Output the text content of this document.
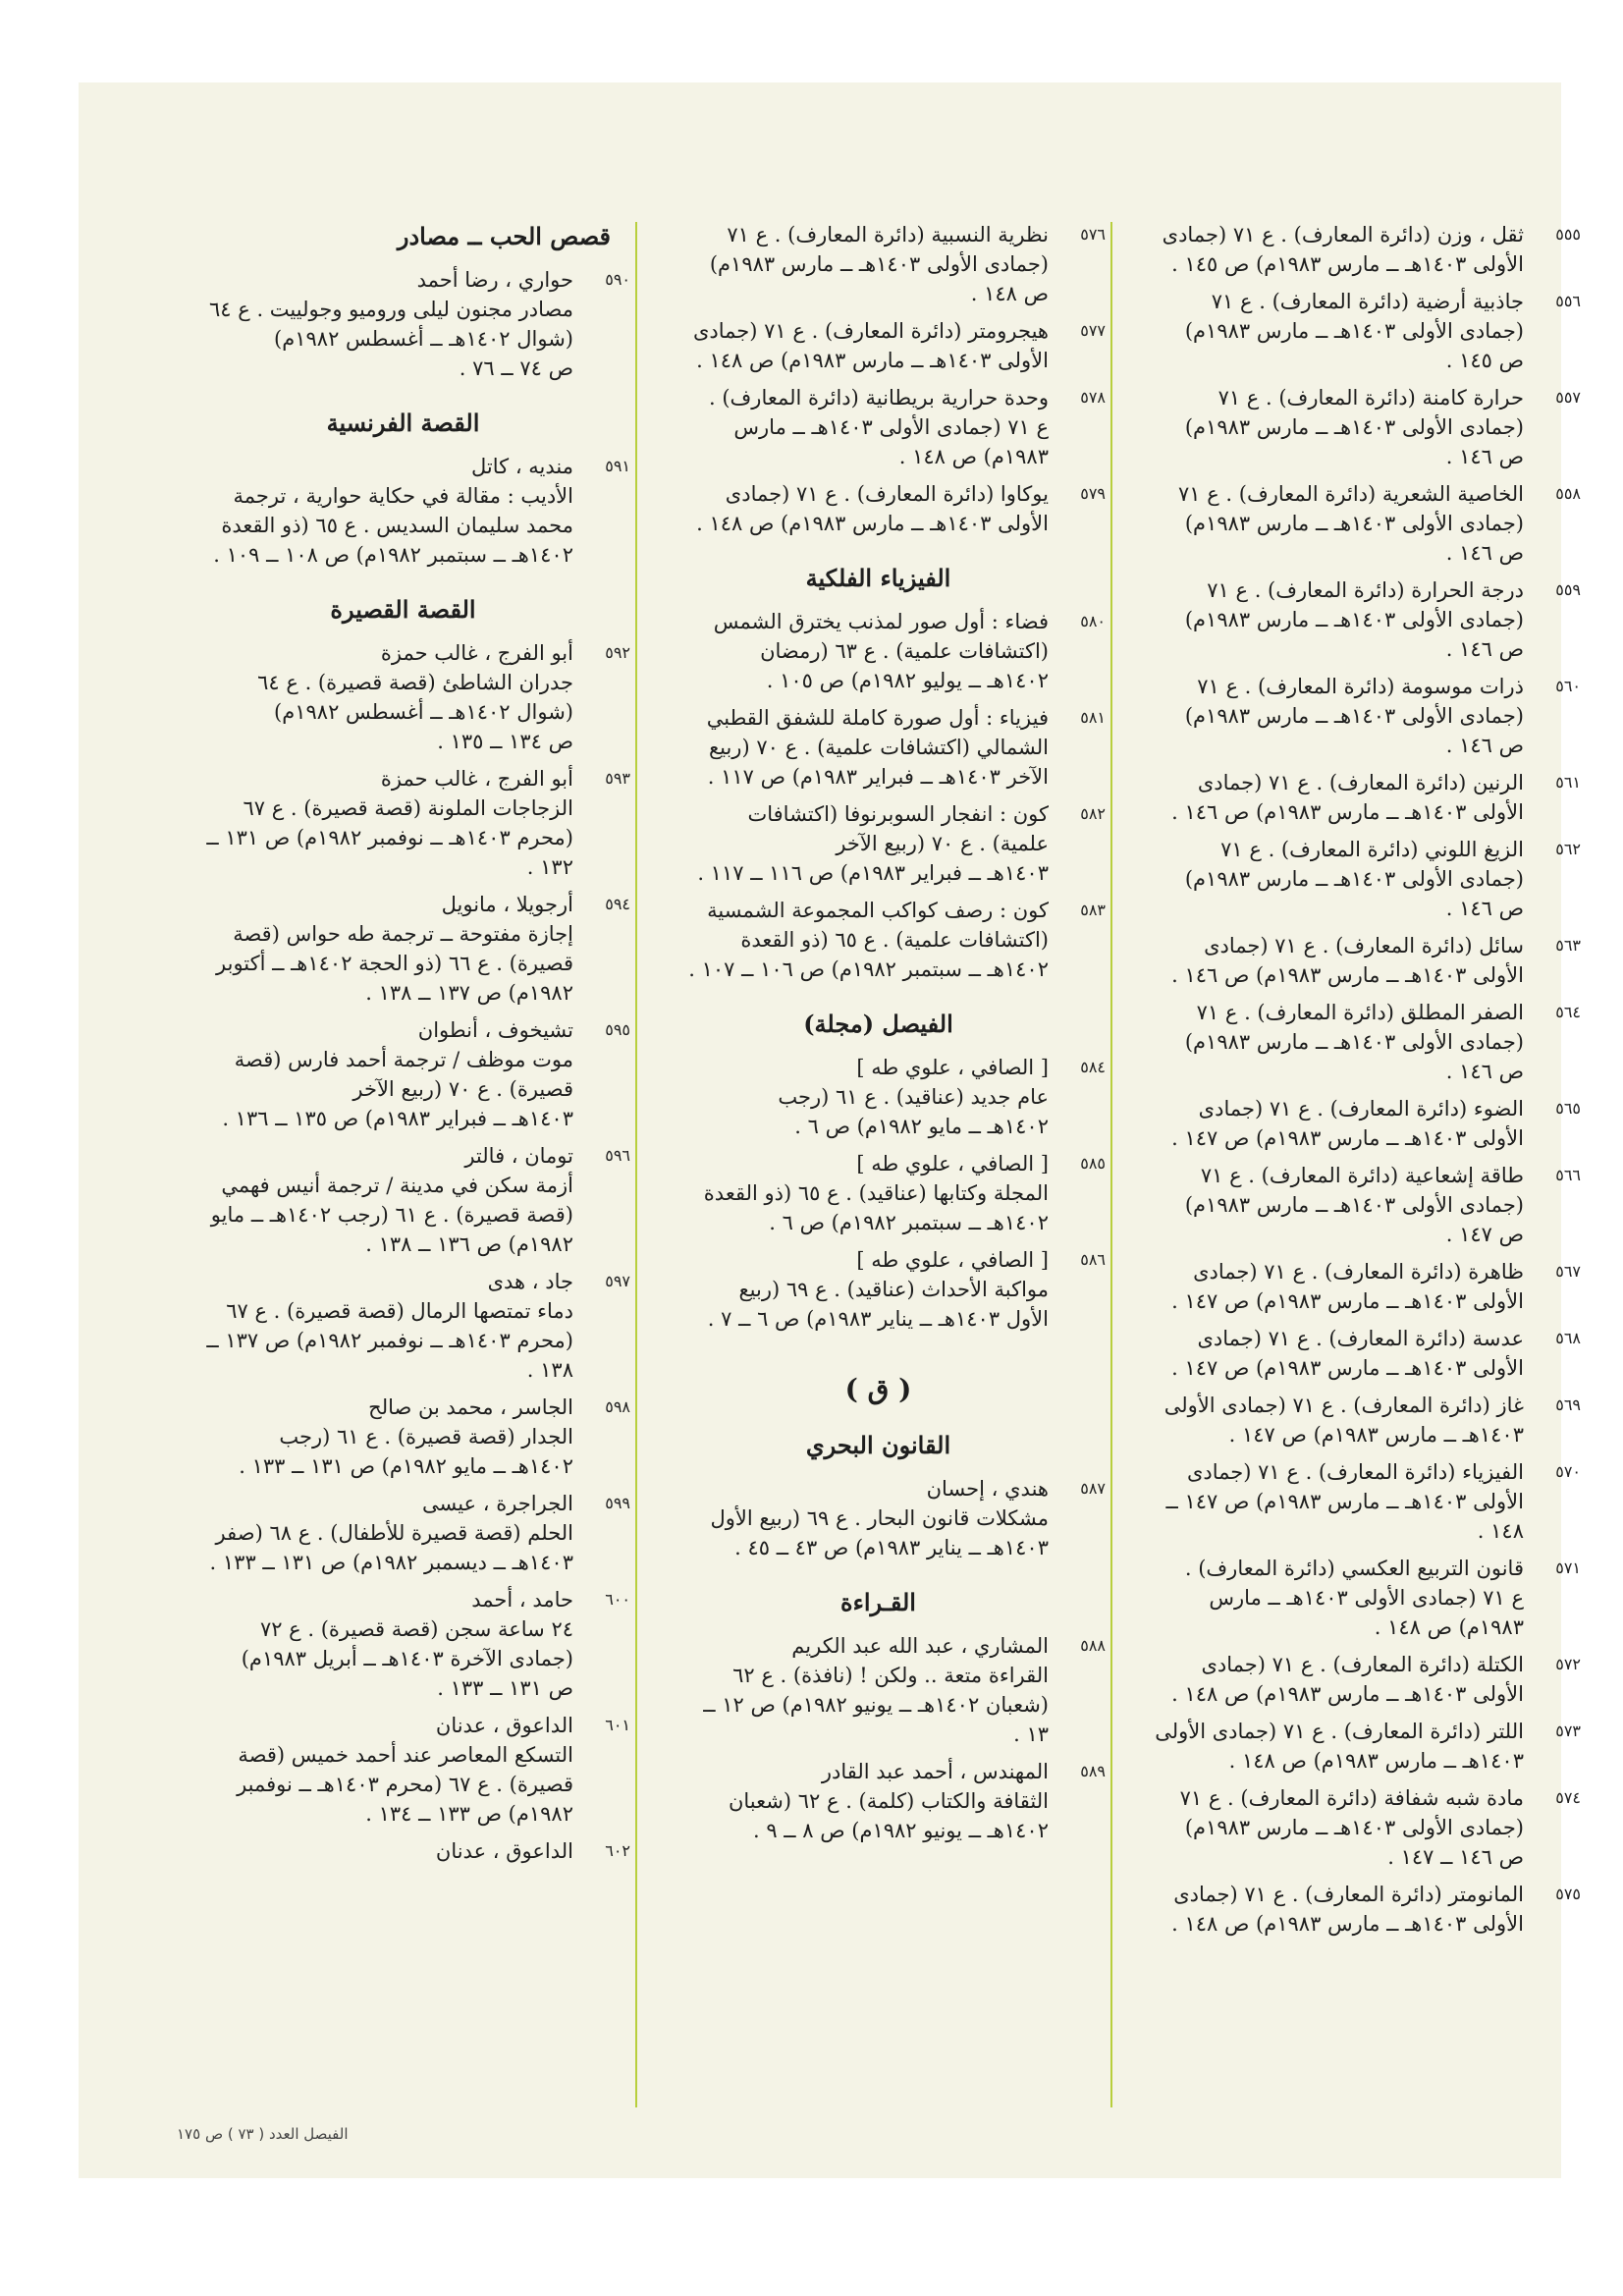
٥٥٥
ثقل ، وزن (دائرة المعارف) . ع ٧١ (جمادى
الأولى ١٤٠٣هـ ــ مارس ١٩٨٣م) ص ١٤٥ .
٥٥٦
جاذبية أرضية (دائرة المعارف) . ع ٧١
(جمادى الأولى ١٤٠٣هـ ــ مارس ١٩٨٣م)
ص ١٤٥ .
٥٥٧
حرارة كامنة (دائرة المعارف) . ع ٧١
(جمادى الأولى ١٤٠٣هـ ــ مارس ١٩٨٣م)
ص ١٤٦ .
٥٥٨
الخاصية الشعرية (دائرة المعارف) . ع ٧١
(جمادى الأولى ١٤٠٣هـ ــ مارس ١٩٨٣م)
ص ١٤٦ .
٥٥٩
درجة الحرارة (دائرة المعارف) . ع ٧١
(جمادى الأولى ١٤٠٣هـ ــ مارس ١٩٨٣م)
ص ١٤٦ .
٥٦٠
ذرات موسومة (دائرة المعارف) . ع ٧١
(جمادى الأولى ١٤٠٣هـ ــ مارس ١٩٨٣م)
ص ١٤٦ .
٥٦١
الرنين (دائرة المعارف) . ع ٧١ (جمادى
الأولى ١٤٠٣هـ ــ مارس ١٩٨٣م) ص ١٤٦ .
٥٦٢
الزيغ اللوني (دائرة المعارف) . ع ٧١
(جمادى الأولى ١٤٠٣هـ ــ مارس ١٩٨٣م)
ص ١٤٦ .
٥٦٣
سائل (دائرة المعارف) . ع ٧١ (جمادى
الأولى ١٤٠٣هـ ــ مارس ١٩٨٣م) ص ١٤٦ .
٥٦٤
الصفر المطلق (دائرة المعارف) . ع ٧١
(جمادى الأولى ١٤٠٣هـ ــ مارس ١٩٨٣م)
ص ١٤٦ .
٥٦٥
الضوء (دائرة المعارف) . ع ٧١ (جمادى
الأولى ١٤٠٣هـ ــ مارس ١٩٨٣م) ص ١٤٧ .
٥٦٦
طاقة إشعاعية (دائرة المعارف) . ع ٧١
(جمادى الأولى ١٤٠٣هـ ــ مارس ١٩٨٣م)
ص ١٤٧ .
٥٦٧
ظاهرة (دائرة المعارف) . ع ٧١ (جمادى
الأولى ١٤٠٣هـ ــ مارس ١٩٨٣م) ص ١٤٧ .
٥٦٨
عدسة (دائرة المعارف) . ع ٧١ (جمادى
الأولى ١٤٠٣هـ ــ مارس ١٩٨٣م) ص ١٤٧ .
٥٦٩
غاز (دائرة المعارف) . ع ٧١ (جمادى الأولى
١٤٠٣هـ ــ مارس ١٩٨٣م) ص ١٤٧ .
٥٧٠
الفيزياء (دائرة المعارف) . ع ٧١ (جمادى
الأولى ١٤٠٣هـ ــ مارس ١٩٨٣م) ص ١٤٧ ــ
١٤٨ .
٥٧١
قانون التربيع العكسي (دائرة المعارف) .
ع ٧١ (جمادى الأولى ١٤٠٣هـ ــ مارس
١٩٨٣م) ص ١٤٨ .
٥٧٢
الكتلة (دائرة المعارف) . ع ٧١ (جمادى
الأولى ١٤٠٣هـ ــ مارس ١٩٨٣م) ص ١٤٨ .
٥٧٣
اللتر (دائرة المعارف) . ع ٧١ (جمادى الأولى
١٤٠٣هـ ــ مارس ١٩٨٣م) ص ١٤٨ .
٥٧٤
مادة شبه شفافة (دائرة المعارف) . ع ٧١
(جمادى الأولى ١٤٠٣هـ ــ مارس ١٩٨٣م)
ص ١٤٦ ــ ١٤٧ .
٥٧٥
المانومتر (دائرة المعارف) . ع ٧١ (جمادى
الأولى ١٤٠٣هـ ــ مارس ١٩٨٣م) ص ١٤٨ .
٥٧٦
نظرية النسبية (دائرة المعارف) . ع ٧١
(جمادى الأولى ١٤٠٣هـ ــ مارس ١٩٨٣م)
ص ١٤٨ .
٥٧٧
هيجرومتر (دائرة المعارف) . ع ٧١ (جمادى
الأولى ١٤٠٣هـ ــ مارس ١٩٨٣م) ص ١٤٨ .
٥٧٨
وحدة حرارية بريطانية (دائرة المعارف) .
ع ٧١ (جمادى الأولى ١٤٠٣هـ ــ مارس
١٩٨٣م) ص ١٤٨ .
٥٧٩
يوكاوا (دائرة المعارف) . ع ٧١ (جمادى
الأولى ١٤٠٣هـ ــ مارس ١٩٨٣م) ص ١٤٨ .
الفيزياء الفلكية
٥٨٠
فضاء : أول صور لمذنب يخترق الشمس
(اكتشافات علمية) . ع ٦٣ (رمضان
١٤٠٢هـ ــ يوليو ١٩٨٢م) ص ١٠٥ .
٥٨١
فيزياء : أول صورة كاملة للشفق القطبي
الشمالي (اكتشافات علمية) . ع ٧٠ (ربيع
الآخر ١٤٠٣هـ ــ فبراير ١٩٨٣م) ص ١١٧ .
٥٨٢
كون : انفجار السوبرنوفا (اكتشافات
علمية) . ع ٧٠ (ربيع الآخر
١٤٠٣هـ ــ فبراير ١٩٨٣م) ص ١١٦ ــ ١١٧ .
٥٨٣
كون : رصف كواكب المجموعة الشمسية
(اكتشافات علمية) . ع ٦٥ (ذو القعدة
١٤٠٢هـ ــ سبتمبر ١٩٨٢م) ص ١٠٦ ــ ١٠٧ .
الفيصل (مجلة)
٥٨٤
[ الصافي ، علوي طه ]
عام جديد (عناقيد) . ع ٦١ (رجب
١٤٠٢هـ ــ مايو ١٩٨٢م) ص ٦ .
٥٨٥
[ الصافي ، علوي طه ]
المجلة وكتابها (عناقيد) . ع ٦٥ (ذو القعدة
١٤٠٢هـ ــ سبتمبر ١٩٨٢م) ص ٦ .
٥٨٦
[ الصافي ، علوي طه ]
مواكبة الأحداث (عناقيد) . ع ٦٩ (ربيع
الأول ١٤٠٣هـ ــ يناير ١٩٨٣م) ص ٦ ــ ٧ .
( ق )
القانون البحري
٥٨٧
هندي ، إحسان
مشكلات قانون البحار . ع ٦٩ (ربيع الأول
١٤٠٣هـ ــ يناير ١٩٨٣م) ص ٤٣ ــ ٤٥ .
القـراءة
٥٨٨
المشاري ، عبد الله عبد الكريم
القراءة متعة .. ولكن ! (نافذة) . ع ٦٢
(شعبان ١٤٠٢هـ ــ يونيو ١٩٨٢م) ص ١٢ ــ
١٣ .
٥٨٩
المهندس ، أحمد عبد القادر
الثقافة والكتاب (كلمة) . ع ٦٢ (شعبان
١٤٠٢هـ ــ يونيو ١٩٨٢م) ص ٨ ــ ٩ .
قصص الحب ــ مصادر
٥٩٠
حواري ، رضا أحمد
مصادر مجنون ليلى وروميو وجولييت . ع ٦٤
(شوال ١٤٠٢هـ ــ أغسطس ١٩٨٢م)
ص ٧٤ ــ ٧٦ .
القصة الفرنسية
٥٩١
منديه ، كاتل
الأديب : مقالة في حكاية حوارية ، ترجمة
محمد سليمان السديس . ع ٦٥ (ذو القعدة
١٤٠٢هـ ــ سبتمبر ١٩٨٢م) ص ١٠٨ ــ ١٠٩ .
القصة القصيرة
٥٩٢
أبو الفرج ، غالب حمزة
جدران الشاطئ (قصة قصيرة) . ع ٦٤
(شوال ١٤٠٢هـ ــ أغسطس ١٩٨٢م)
ص ١٣٤ ــ ١٣٥ .
٥٩٣
أبو الفرج ، غالب حمزة
الزجاجات الملونة (قصة قصيرة) . ع ٦٧
(محرم ١٤٠٣هـ ــ نوفمبر ١٩٨٢م) ص ١٣١ ــ
١٣٢ .
٥٩٤
أرجويلا ، مانويل
إجازة مفتوحة ــ ترجمة طه حواس (قصة
قصيرة) . ع ٦٦ (ذو الحجة ١٤٠٢هـ ــ أكتوبر
١٩٨٢م) ص ١٣٧ ــ ١٣٨ .
٥٩٥
تشيخوف ، أنطوان
موت موظف / ترجمة أحمد فارس (قصة
قصيرة) . ع ٧٠ (ربيع الآخر
١٤٠٣هـ ــ فبراير ١٩٨٣م) ص ١٣٥ ــ ١٣٦ .
٥٩٦
تومان ، فالتر
أزمة سكن في مدينة / ترجمة أنيس فهمي
(قصة قصيرة) . ع ٦١ (رجب ١٤٠٢هـ ــ مايو
١٩٨٢م) ص ١٣٦ ــ ١٣٨ .
٥٩٧
جاد ، هدى
دماء تمتصها الرمال (قصة قصيرة) . ع ٦٧
(محرم ١٤٠٣هـ ــ نوفمبر ١٩٨٢م) ص ١٣٧ ــ
١٣٨ .
٥٩٨
الجاسر ، محمد بن صالح
الجدار (قصة قصيرة) . ع ٦١ (رجب
١٤٠٢هـ ــ مايو ١٩٨٢م) ص ١٣١ ــ ١٣٣ .
٥٩٩
الجراجرة ، عيسى
الحلم (قصة قصيرة للأطفال) . ع ٦٨ (صفر
١٤٠٣هـ ــ ديسمبر ١٩٨٢م) ص ١٣١ ــ ١٣٣ .
٦٠٠
حامد ، أحمد
٢٤ ساعة سجن (قصة قصيرة) . ع ٧٢
(جمادى الآخرة ١٤٠٣هـ ــ أبريل ١٩٨٣م)
ص ١٣١ ــ ١٣٣ .
٦٠١
الداعوق ، عدنان
التسكع المعاصر عند أحمد خميس (قصة
قصيرة) . ع ٦٧ (محرم ١٤٠٣هـ ــ نوفمبر
١٩٨٢م) ص ١٣٣ ــ ١٣٤ .
٦٠٢
الداعوق ، عدنان
الفيصل العدد ( ٧٣ ) ص ١٧٥
